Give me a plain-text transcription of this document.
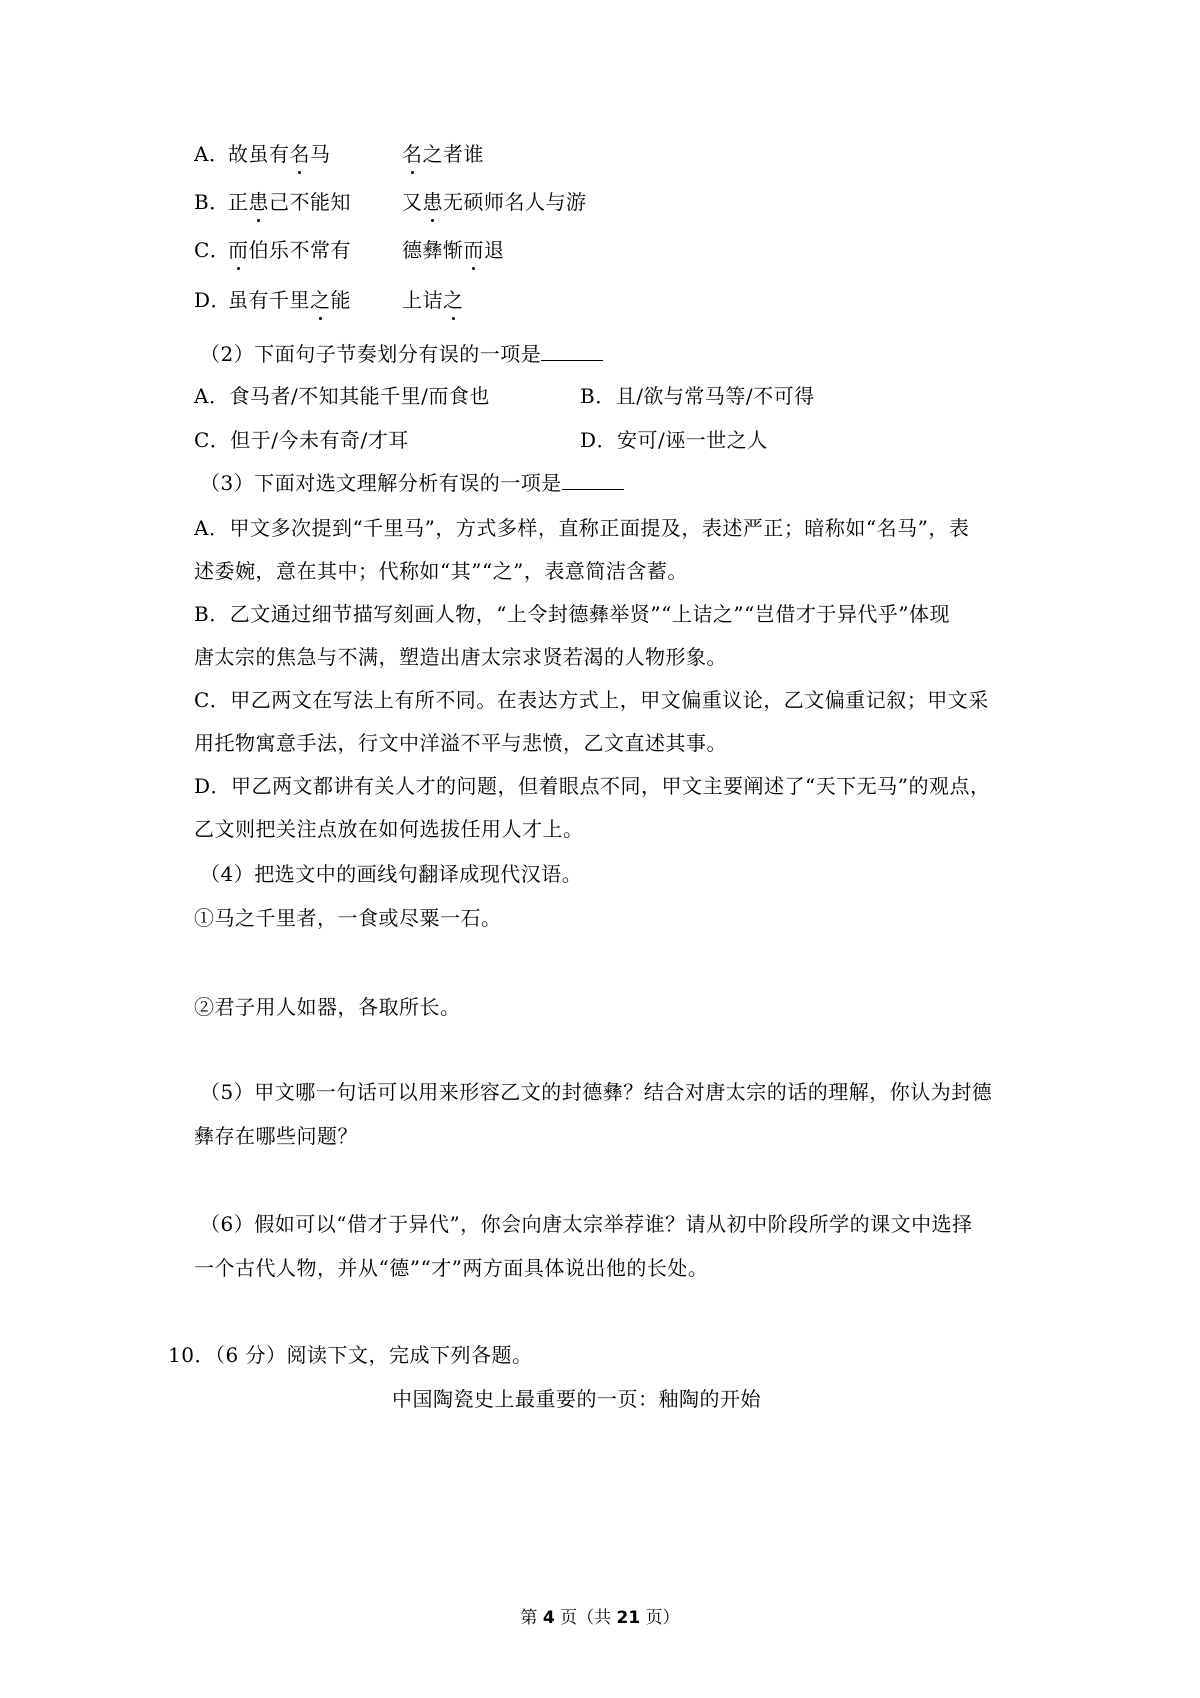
A．故虽有名马	名之者谁
B．正患己不能知	又患无硕师名人与游
C．而伯乐不常有	德彝惭而退
D．虽有千里之能	上诘之
（2）下面句子节奏划分有误的一项是
A．食马者/不知其能千里/而食也	B．且/欲与常马等/不可得
C．但于/今未有奇/才耳	D．安可/诬一世之人
（3）下面对选文理解分析有误的一项是
A．甲文多次提到“千里马”，方式多样，直称正面提及，表述严正；暗称如“名马”，表
述委婉，意在其中；代称如“其”“之”，表意简洁含蓄。
B．乙文通过细节描写刻画人物，“上令封德彝举贤”“上诘之”“岂借才于异代乎”体现
唐太宗的焦急与不满，塑造出唐太宗求贤若渴的人物形象。
C．甲乙两文在写法上有所不同。在表达方式上，甲文偏重议论，乙文偏重记叙；甲文采
用托物寓意手法，行文中洋溢不平与悲愤，乙文直述其事。
D．甲乙两文都讲有关人才的问题，但着眼点不同，甲文主要阐述了“天下无马”的观点，
乙文则把关注点放在如何选拔任用人才上。
（4）把选文中的画线句翻译成现代汉语。
①马之千里者，一食或尽粟一石。
②君子用人如器，各取所长。
（5）甲文哪一句话可以用来形容乙文的封德彝？结合对唐太宗的话的理解，你认为封德
彝存在哪些问题？
（6）假如可以“借才于异代”，你会向唐太宗举荐谁？请从初中阶段所学的课文中选择
一个古代人物，并从“德”“才”两方面具体说出他的长处。
10．（6 分）阅读下文，完成下列各题。
中国陶瓷史上最重要的一页：釉陶的开始
第 4 页（共 21 页）
